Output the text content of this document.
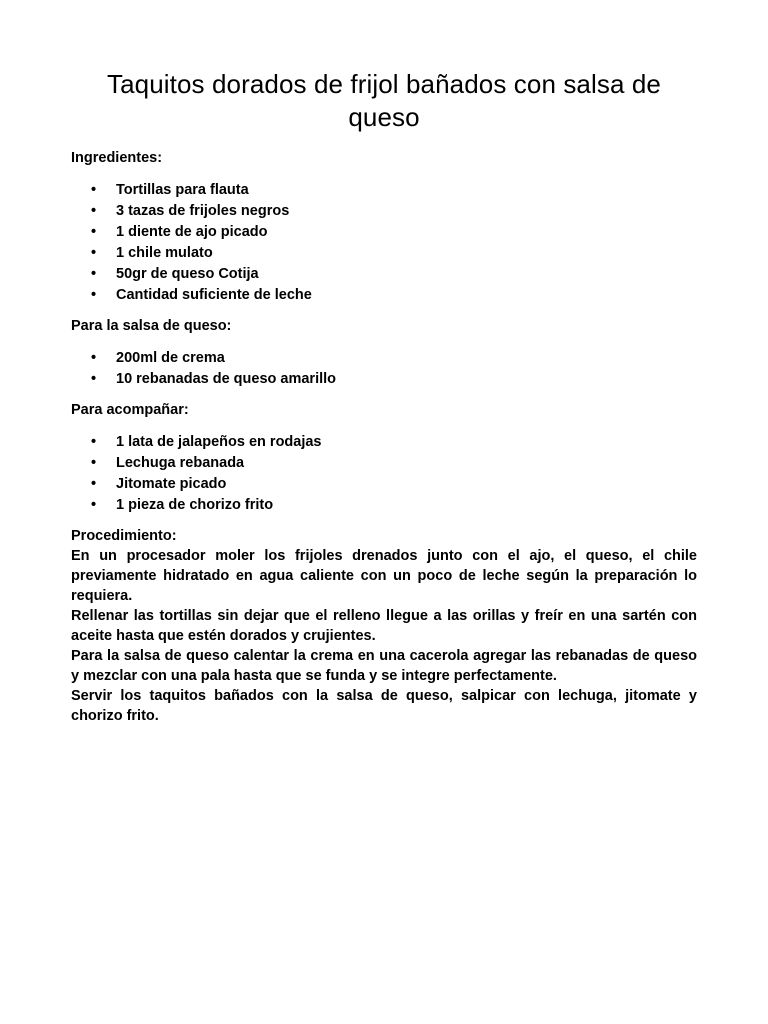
Taquitos dorados de frijol bañados con salsa de queso
Ingredientes:
• Tortillas para flauta
• 3 tazas de frijoles negros
• 1 diente de ajo picado
• 1 chile mulato
• 50gr de queso Cotija
• Cantidad suficiente de leche
Para la salsa de queso:
• 200ml de crema
• 10 rebanadas de queso amarillo
Para acompañar:
• 1 lata de jalapeños en rodajas
• Lechuga rebanada
• Jitomate picado
• 1 pieza de chorizo frito
Procedimiento:

En un procesador moler los frijoles drenados junto con el ajo, el queso, el chile previamente hidratado en agua caliente con un poco de leche según la preparación lo requiera.

Rellenar las tortillas sin dejar que el relleno llegue a las orillas y freír en una sartén con aceite hasta que estén dorados y crujientes.

Para la salsa de queso calentar la crema en una cacerola agregar las rebanadas de queso y mezclar con una pala hasta que se funda y se integre perfectamente.

Servir los taquitos bañados con la salsa de queso, salpicar con lechuga, jitomate y chorizo frito.
